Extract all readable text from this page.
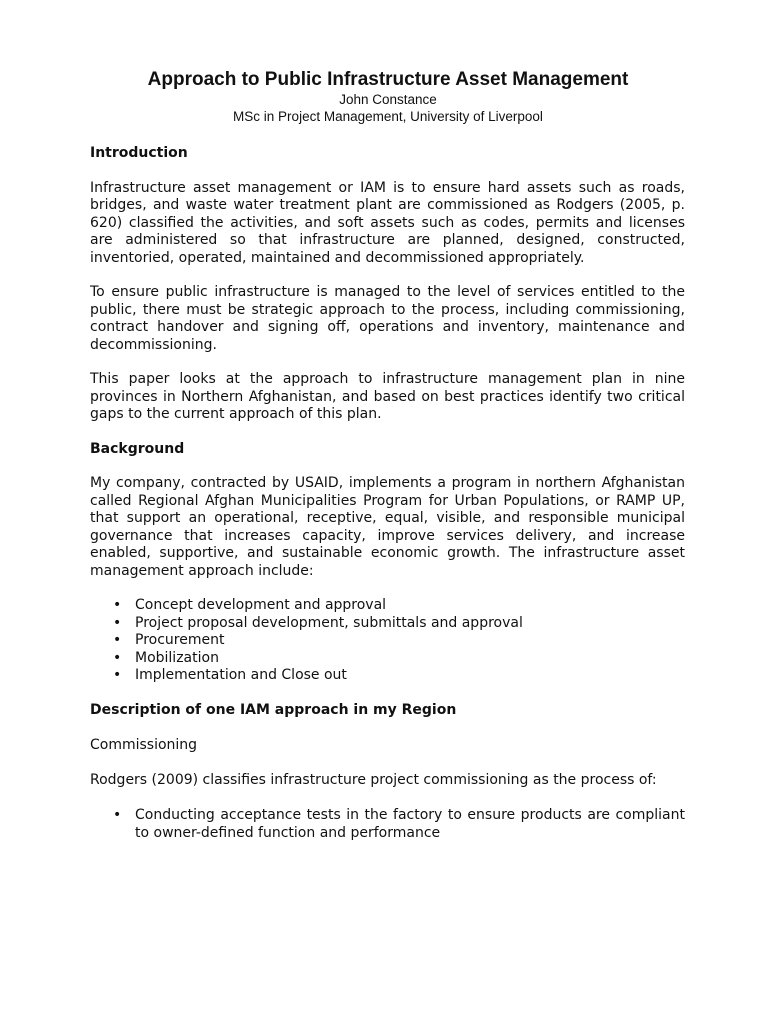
Approach to Public Infrastructure Asset Management
John Constance
MSc in Project Management, University of Liverpool
Introduction

Infrastructure asset management or IAM is to ensure hard assets such as roads, bridges, and waste water treatment plant are commissioned as Rodgers (2005, p. 620) classified the activities, and soft assets such as codes, permits and licenses are administered so that infrastructure are planned, designed, constructed, inventoried, operated, maintained and decommissioned appropriately.

To ensure public infrastructure is managed to the level of services entitled to the public, there must be strategic approach to the process, including commissioning, contract handover and signing off, operations and inventory, maintenance and decommissioning.

This paper looks at the approach to infrastructure management plan in nine provinces in Northern Afghanistan, and based on best practices identify two critical gaps to the current approach of this plan.

Background

My company, contracted by USAID, implements a program in northern Afghanistan called Regional Afghan Municipalities Program for Urban Populations, or RAMP UP, that support an operational, receptive, equal, visible, and responsible municipal governance that increases capacity, improve services delivery, and increase enabled, supportive, and sustainable economic growth. The infrastructure asset management approach include:

• Concept development and approval
• Project proposal development, submittals and approval
• Procurement
• Mobilization
• Implementation and Close out
Description of one IAM approach in my Region
Commissioning

Rodgers (2009) classifies infrastructure project commissioning as the process of:

• Conducting acceptance tests in the factory to ensure products are compliant to owner-defined function and performance
